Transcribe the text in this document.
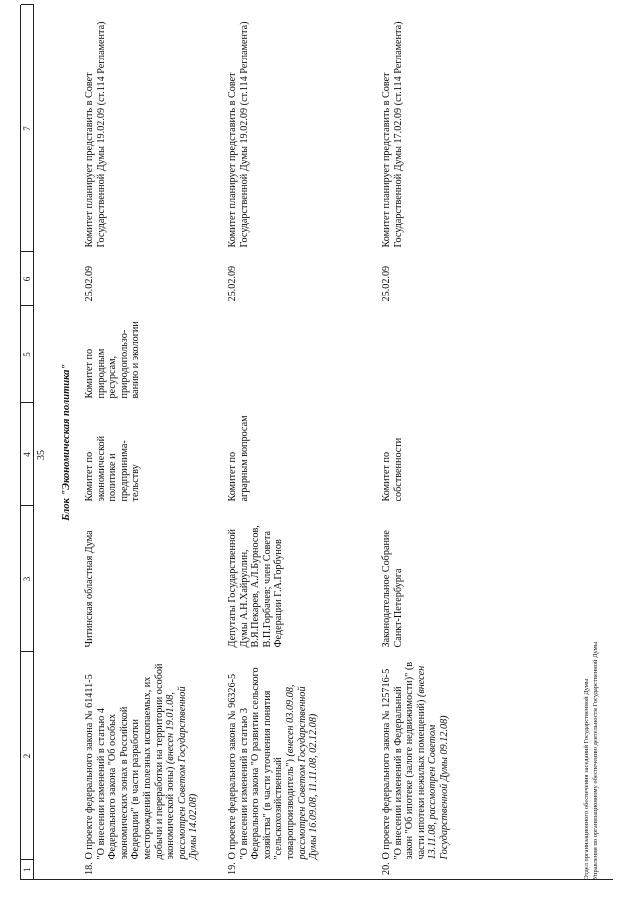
35
1	2	3	4	5	6	7
Блок "Экономическая политика"						
18.	О проекте федерального закона № 61411-5 "О внесении изменений в статью 4 Федерального закона "Об особых экономических зонах в Российской Федерации" (в части разработки месторождений полезных ископаемых, их добычи и переработки на территории особой экономической зоны) (внесен 19.01.08, рассмотрен Советом Государственной Думы 14.02.08)	Читинская областная Дума	Комитет по экономической политике и предпринима-тельству	Комитет по природным ресурсам, природопользо-ванию и экологии	25.02.09	Комитет планирует представить в Совет Государственной Думы 19.02.09 (ст.114 Регламента)
19.	О проекте федерального закона № 96326-5 "О внесении изменений в статью 3 Федерального закона "О развитии сельского хозяйства" (в части уточнения понятия "сельскохозяйственный товаропроизводитель") (внесен 03.09.08, рассмотрен Советом Государственной Думы 16.09.08, 11.11.08, 02.12.08)	Депутаты Государственной Думы А.Н.Хайруллин, В.Я.Пекарев, А.Л.Бурносов, В.П.Горбачев; член Совета Федерации Г.А.Горбунов	Комитет по аграрным вопросам		25.02.09	Комитет планирует представить в Совет Государственной Думы 19.02.09 (ст.114 Регламента)
20.	О проекте федерального закона № 125716-5 "О внесении изменений в Федеральный закон "Об ипотеке (залоге недвижимости)" (в части ипотеки нежилых помещений) (внесен 13.11.08, рассмотрен Советом Государственной Думы 09.12.08)	Законодательное Собрание Санкт-Петербурга	Комитет по собственности		25.02.09	Комитет планирует представить в Совет Государственной Думы 17.02.09 (ст.114 Регламента)
Отдел организационного обеспечения заседаний Государственной Думы Управления по организационному обеспечению деятельности Государственной Думы
